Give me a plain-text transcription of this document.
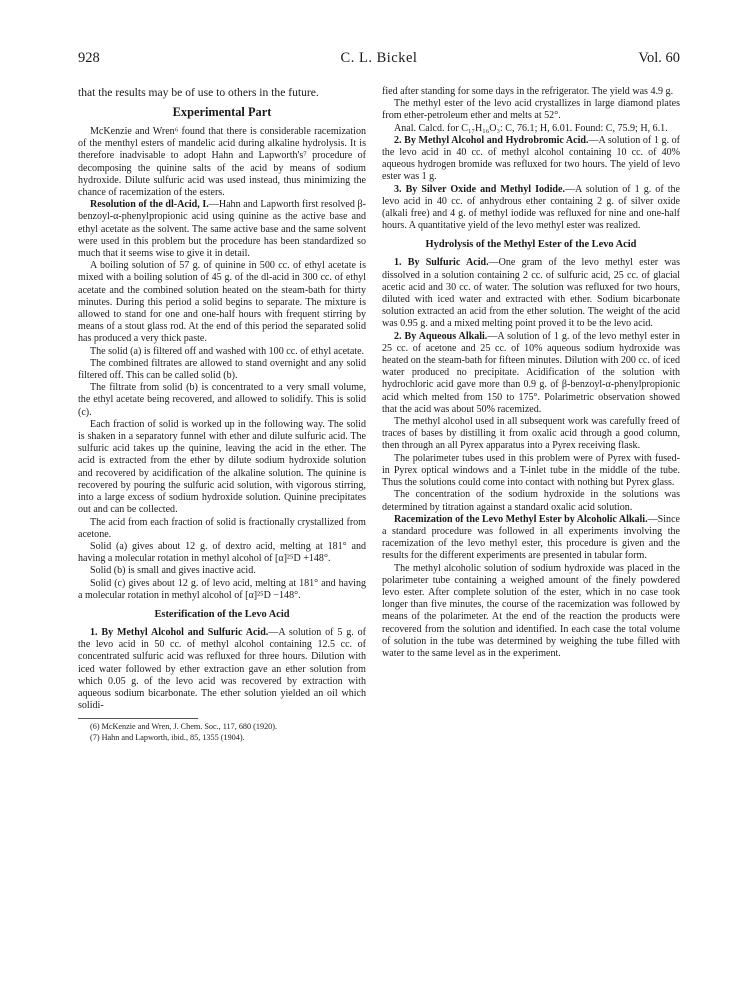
928	C. L. Bickel	Vol. 60

that the results may be of use to others in the future.

Experimental Part

McKenzie and Wren⁶ found that there is considerable racemization of the menthyl esters of mandelic acid during alkaline hydrolysis. It is therefore inadvisable to adopt Hahn and Lapworth's⁷ procedure of decomposing the quinine salts of the acid by means of sodium hydroxide. Dilute sulfuric acid was used instead, thus minimizing the chance of racemization of the esters.

Resolution of the dl-Acid, I.—Hahn and Lapworth first resolved β-benzoyl-α-phenylpropionic acid using quinine as the active base and ethyl acetate as the solvent. The same active base and the same solvent were used in this problem but the procedure has been standardized so much that it seems wise to give it in detail.

A boiling solution of 57 g. of quinine in 500 cc. of ethyl acetate is mixed with a boiling solution of 45 g. of the dl-acid in 300 cc. of ethyl acetate and the combined solution heated on the steam-bath for thirty minutes. During this period a solid begins to separate. The mixture is allowed to stand for one and one-half hours with frequent stirring by means of a stout glass rod. At the end of this period the separated solid has produced a very thick paste.

The solid (a) is filtered off and washed with 100 cc. of ethyl acetate.

The combined filtrates are allowed to stand overnight and any solid filtered off. This can be called solid (b).

The filtrate from solid (b) is concentrated to a very small volume, the ethyl acetate being recovered, and allowed to solidify. This is solid (c).

Each fraction of solid is worked up in the following way. The solid is shaken in a separatory funnel with ether and dilute sulfuric acid. The sulfuric acid takes up the quinine, leaving the acid in the ether. The acid is extracted from the ether by dilute sodium hydroxide solution and recovered by acidification of the alkaline solution. The quinine is recovered by pouring the sulfuric acid solution, with vigorous stirring, into a large excess of sodium hydroxide solution. Quinine precipitates out and can be collected.

The acid from each fraction of solid is fractionally crystallized from acetone.

Solid (a) gives about 12 g. of dextro acid, melting at 181° and having a molecular rotation in methyl alcohol of [α]²⁵D +148°.

Solid (b) is small and gives inactive acid.

Solid (c) gives about 12 g. of levo acid, melting at 181° and having a molecular rotation in methyl alcohol of [α]²⁵D −148°.

Esterification of the Levo Acid

1. By Methyl Alcohol and Sulfuric Acid.—A solution of 5 g. of the levo acid in 50 cc. of methyl alcohol containing 12.5 cc. of concentrated sulfuric acid was refluxed for three hours. Dilution with iced water followed by ether extraction gave an ether solution from which 0.05 g. of the levo acid was recovered by extraction with aqueous sodium bicarbonate. The ether solution yielded an oil which solidi-

(6) McKenzie and Wren, J. Chem. Soc., 117, 680 (1920).

(7) Hahn and Lapworth, ibid., 85, 1355 (1904).

fied after standing for some days in the refrigerator. The yield was 4.9 g.

The methyl ester of the levo acid crystallizes in large diamond plates from ether-petroleum ether and melts at 52°.

Anal. Calcd. for C₁₇H₁₆O₃: C, 76.1; H, 6.01. Found: C, 75.9; H, 6.1.

2. By Methyl Alcohol and Hydrobromic Acid.—A solution of 1 g. of the levo acid in 40 cc. of methyl alcohol containing 10 cc. of 40% aqueous hydrogen bromide was refluxed for two hours. The yield of levo ester was 1 g.

3. By Silver Oxide and Methyl Iodide.—A solution of 1 g. of the levo acid in 40 cc. of anhydrous ether containing 2 g. of silver oxide (alkali free) and 4 g. of methyl iodide was refluxed for nine and one-half hours. A quantitative yield of the levo methyl ester was realized.

Hydrolysis of the Methyl Ester of the Levo Acid

1. By Sulfuric Acid.—One gram of the levo methyl ester was dissolved in a solution containing 2 cc. of sulfuric acid, 25 cc. of glacial acetic acid and 30 cc. of water. The solution was refluxed for two hours, diluted with iced water and extracted with ether. Sodium bicarbonate solution extracted an acid from the ether solution. The weight of the acid was 0.95 g. and a mixed melting point proved it to be the levo acid.

2. By Aqueous Alkali.—A solution of 1 g. of the levo methyl ester in 25 cc. of acetone and 25 cc. of 10% aqueous sodium hydroxide was heated on the steam-bath for fifteen minutes. Dilution with 200 cc. of iced water produced no precipitate. Acidification of the solution with hydrochloric acid gave more than 0.9 g. of β-benzoyl-α-phenylpropionic acid which melted from 150 to 175°. Polarimetric observation showed that the acid was about 50% racemized.

The methyl alcohol used in all subsequent work was carefully freed of traces of bases by distilling it from oxalic acid through a good column, then through an all Pyrex apparatus into a Pyrex receiving flask.

The polarimeter tubes used in this problem were of Pyrex with fused-in Pyrex optical windows and a T-inlet tube in the middle of the tube. Thus the solutions could come into contact with nothing but Pyrex glass.

The concentration of the sodium hydroxide in the solutions was determined by titration against a standard oxalic acid solution.

Racemization of the Levo Methyl Ester by Alcoholic Alkali.—Since a standard procedure was followed in all experiments involving the racemization of the levo methyl ester, this procedure is given and the results for the different experiments are presented in tabular form.

The methyl alcoholic solution of sodium hydroxide was placed in the polarimeter tube containing a weighed amount of the finely powdered levo ester. After complete solution of the ester, which in no case took longer than five minutes, the course of the racemization was followed by means of the polarimeter. At the end of the reaction the products were recovered from the solution and identified. In each case the total volume of solution in the tube was determined by weighing the tube filled with water to the same level as in the experiment.
